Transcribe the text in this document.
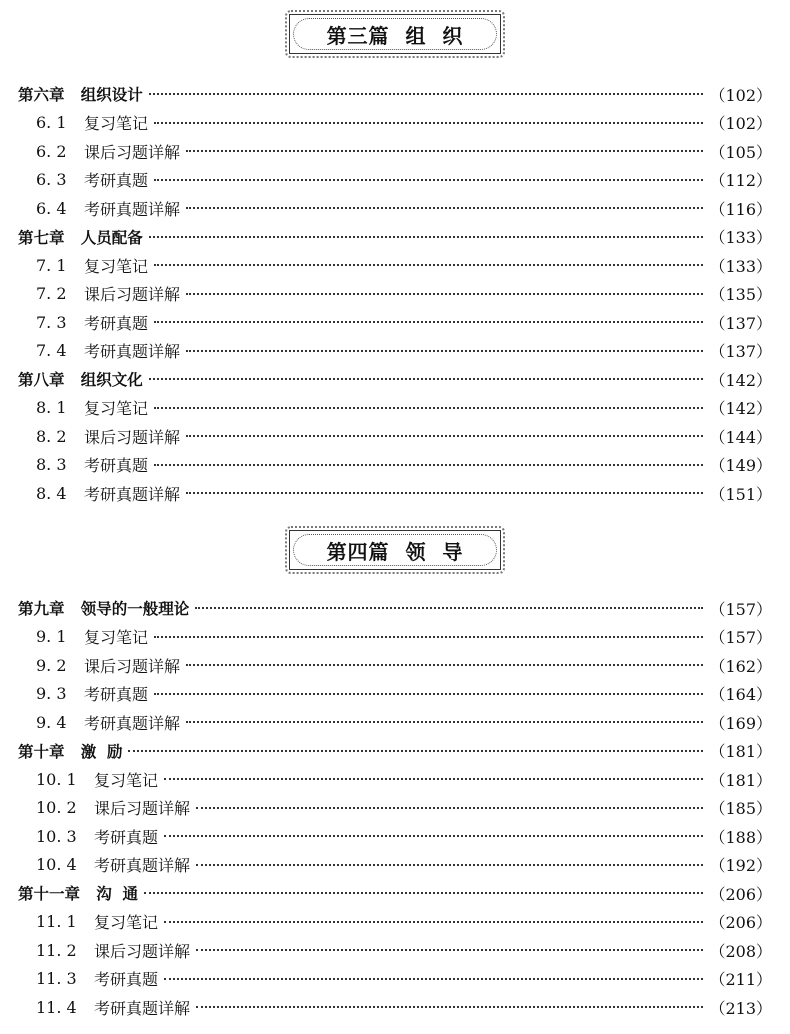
第三篇  组  织
第六章   组织设计	（102）
6. 1	复习笔记	（102）
6. 2	课后习题详解	（105）
6. 3	考研真题	（112）
6. 4	考研真题详解	（116）
第七章   人员配备	（133）
7. 1	复习笔记	（133）
7. 2	课后习题详解	（135）
7. 3	考研真题	（137）
7. 4	考研真题详解	（137）
第八章   组织文化	（142）
8. 1	复习笔记	（142）
8. 2	课后习题详解	（144）
8. 3	考研真题	（149）
8. 4	考研真题详解	（151）
第四篇  领  导
第九章   领导的一般理论	（157）
9. 1	复习笔记	（157）
9. 2	课后习题详解	（162）
9. 3	考研真题	（164）
9. 4	考研真题详解	（169）
第十章   激  励	（181）
10. 1	复习笔记	（181）
10. 2	课后习题详解	（185）
10. 3	考研真题	（188）
10. 4	考研真题详解	（192）
第十一章   沟  通	（206）
11. 1	复习笔记	（206）
11. 2	课后习题详解	（208）
11. 3	考研真题	（211）
11. 4	考研真题详解	（213）
